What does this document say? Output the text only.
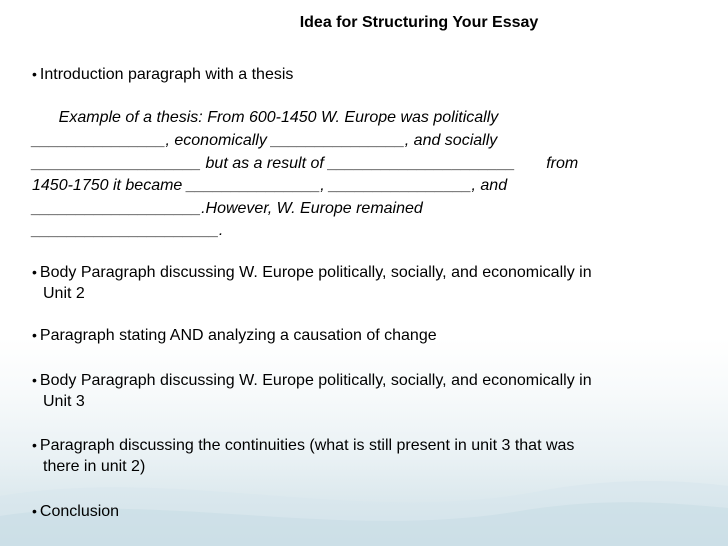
Idea for Structuring Your Essay
• Introduction paragraph with a thesis
Example of a thesis: From 600-1450 W. Europe was politically
_______________, economically _______________, and socially
___________________ but as a result of _____________________       from
1450-1750 it became _______________, ________________, and
___________________.However, W. Europe remained
_____________________.
• Body Paragraph discussing W. Europe politically, socially, and economically in
Unit 2
• Paragraph stating AND analyzing a causation of change
• Body Paragraph discussing W. Europe politically, socially, and economically in
Unit 3
• Paragraph discussing the continuities (what is still present in unit 3 that was
there in unit 2)
• Conclusion
